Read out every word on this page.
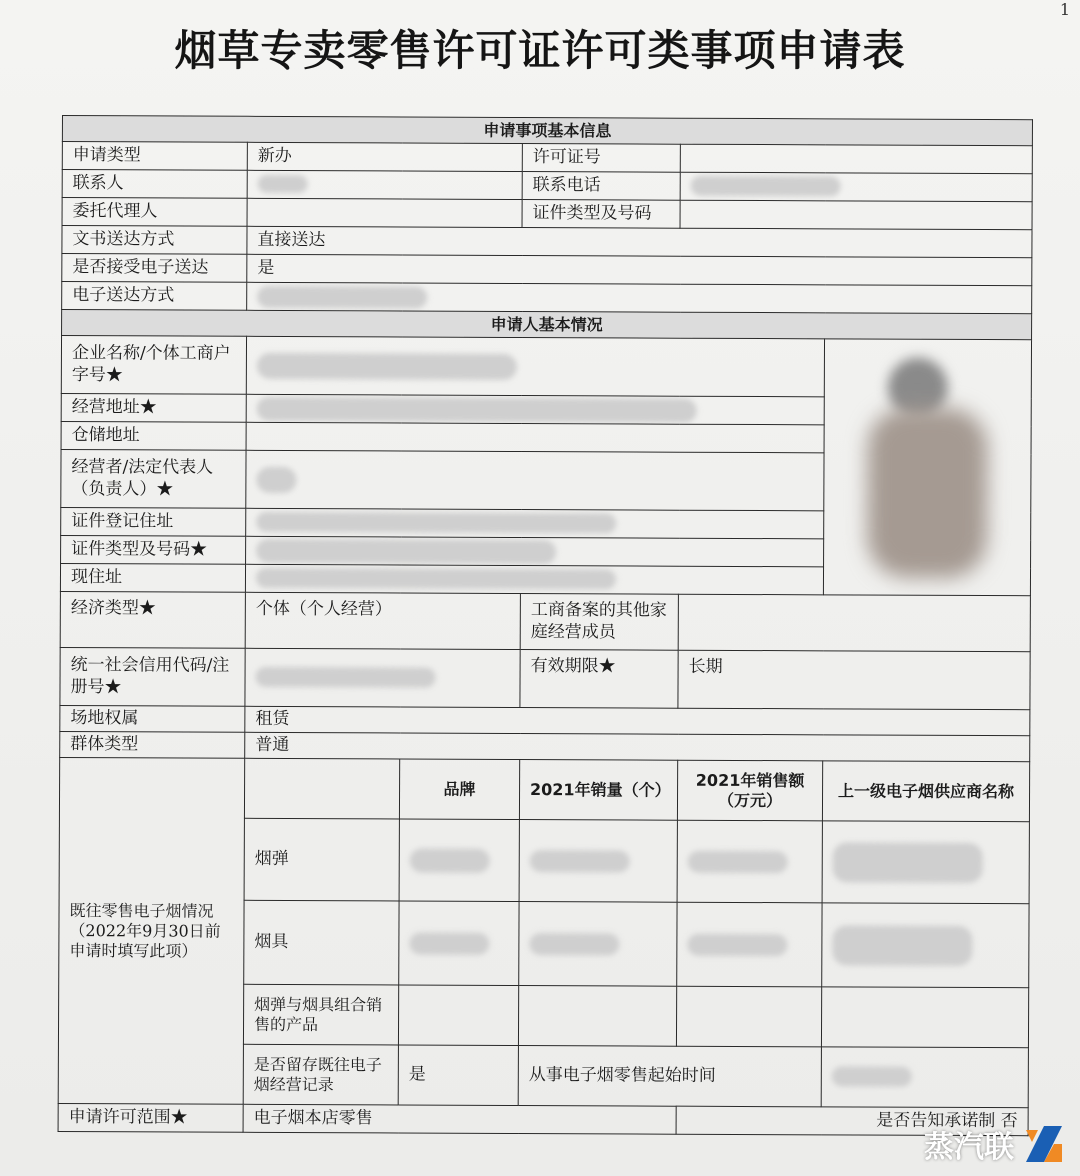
1
烟草专卖零售许可证许可类事项申请表
申请事项基本信息					
申请类型	新办		许可证号		
联系人			联系电话		
委托代理人			证件类型及号码		
文书送达方式	直接送达				
是否接受电子送达	是				
电子送达方式					
申请人基本情况					
企业名称/个体工商户字号★					

经营地址★					
仓储地址					
经营者/法定代表人（负责人）★					
证件登记住址					
证件类型及号码★					
现住址					
经济类型★	个体（个人经营）		工商备案的其他家庭经营成员		
统一社会信用代码/注册号★			有效期限★	长期	
场地权属	租赁				
群体类型	普通				
既往零售电子烟情况（2022年9月30日前申请时填写此项）		品牌	2021年销量（个）	2021年销售额（万元）	上一级电子烟供应商名称
	烟弹				
	烟具				
	烟弹与烟具组合销售的产品				
	是否留存既往电子烟经营记录	是	从事电子烟零售起始时间		
申请许可范围★	电子烟本店零售			是否告知承诺制 否	
蒸汽联
